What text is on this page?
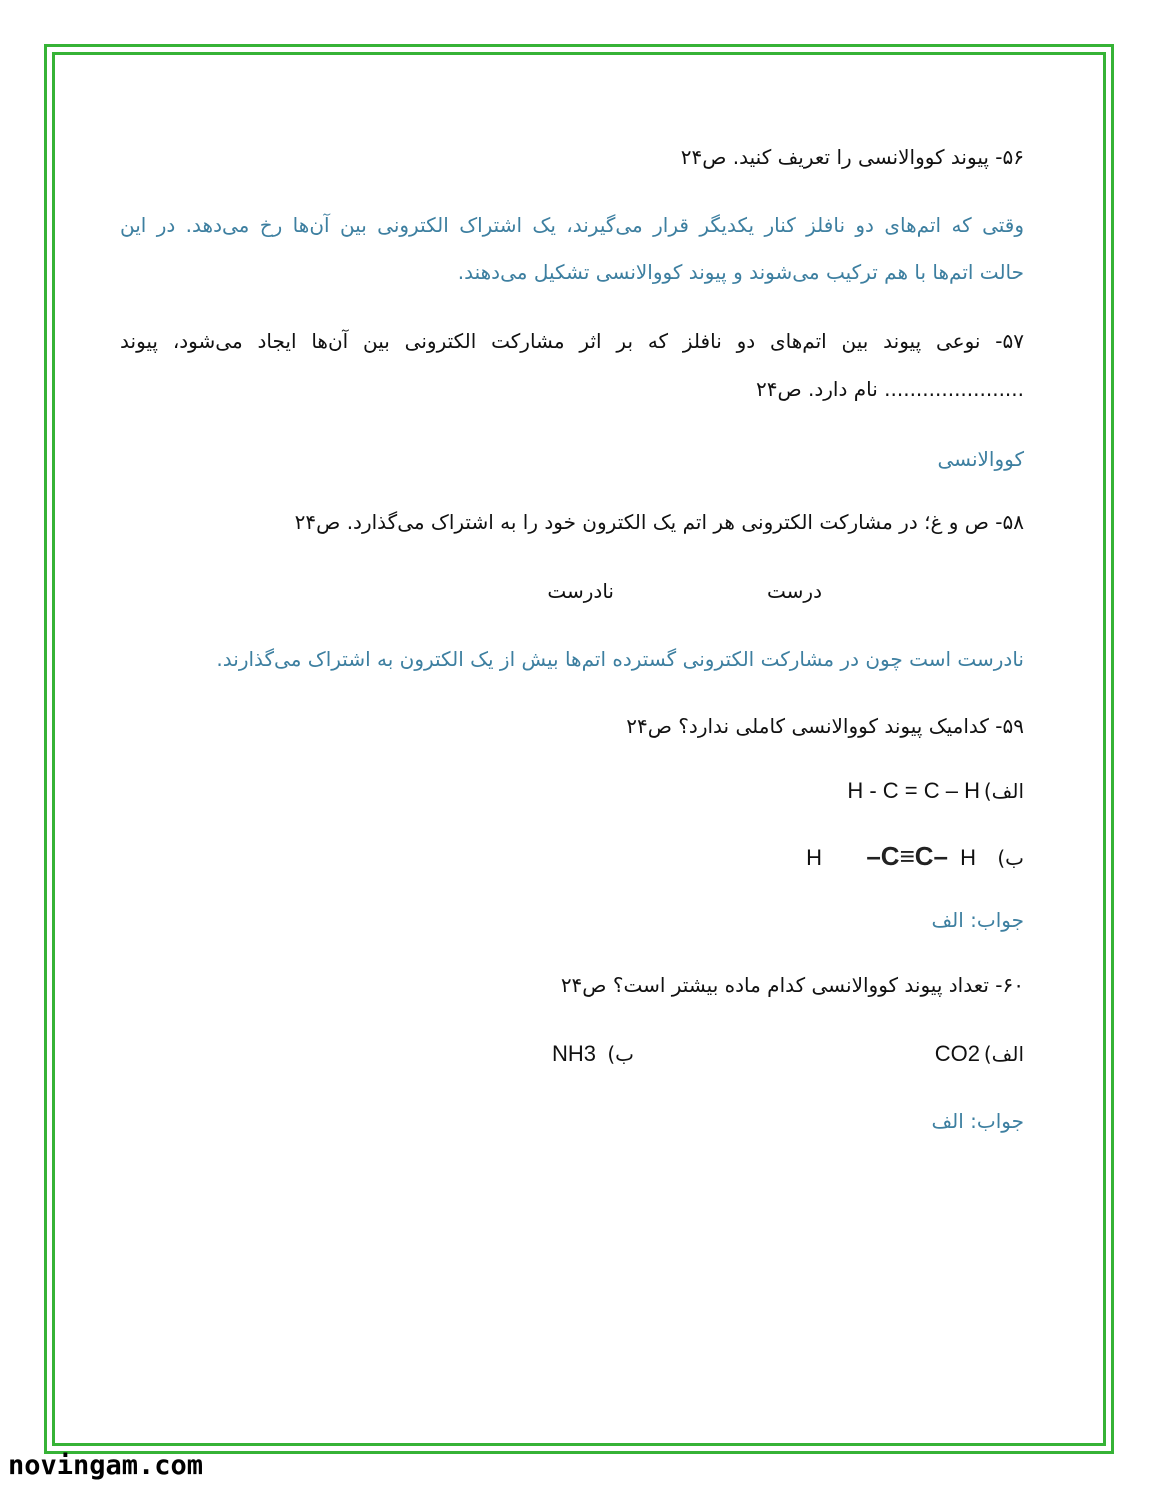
۵۶- پیوند کووالانسی را تعریف کنید. ص۲۴
وقتی که اتم‌های دو نافلز کنار یکدیگر قرار می‌گیرند، یک اشتراک الکترونی بین آن‌ها رخ می‌دهد. در این
حالت اتم‌ها با هم ترکیب می‌شوند و پیوند کووالانسی تشکیل می‌دهند.
۵۷- نوعی پیوند بین اتم‌های دو نافلز که بر اثر مشارکت الکترونی بین آن‌ها ایجاد می‌شود، پیوند
...................... نام دارد. ص۲۴
کووالانسی
۵۸- ص و غ؛ در مشارکت الکترونی هر اتم یک الکترون خود را به اشتراک می‌گذارد. ص۲۴
درست
نادرست
نادرست است چون در مشارکت الکترونی گسترده اتم‌ها بیش از یک الکترون به اشتراک می‌گذارند.
۵۹- کدامیک پیوند کووالانسی کاملی ندارد؟ ص۲۴
الف)
H - C = C – H
ب)
H
–C≡C–
H
جواب: الف
۶۰- تعداد پیوند کووالانسی کدام ماده بیشتر است؟ ص۲۴
الف)
CO2
ب)
NH3
جواب: الف
novingam.com
